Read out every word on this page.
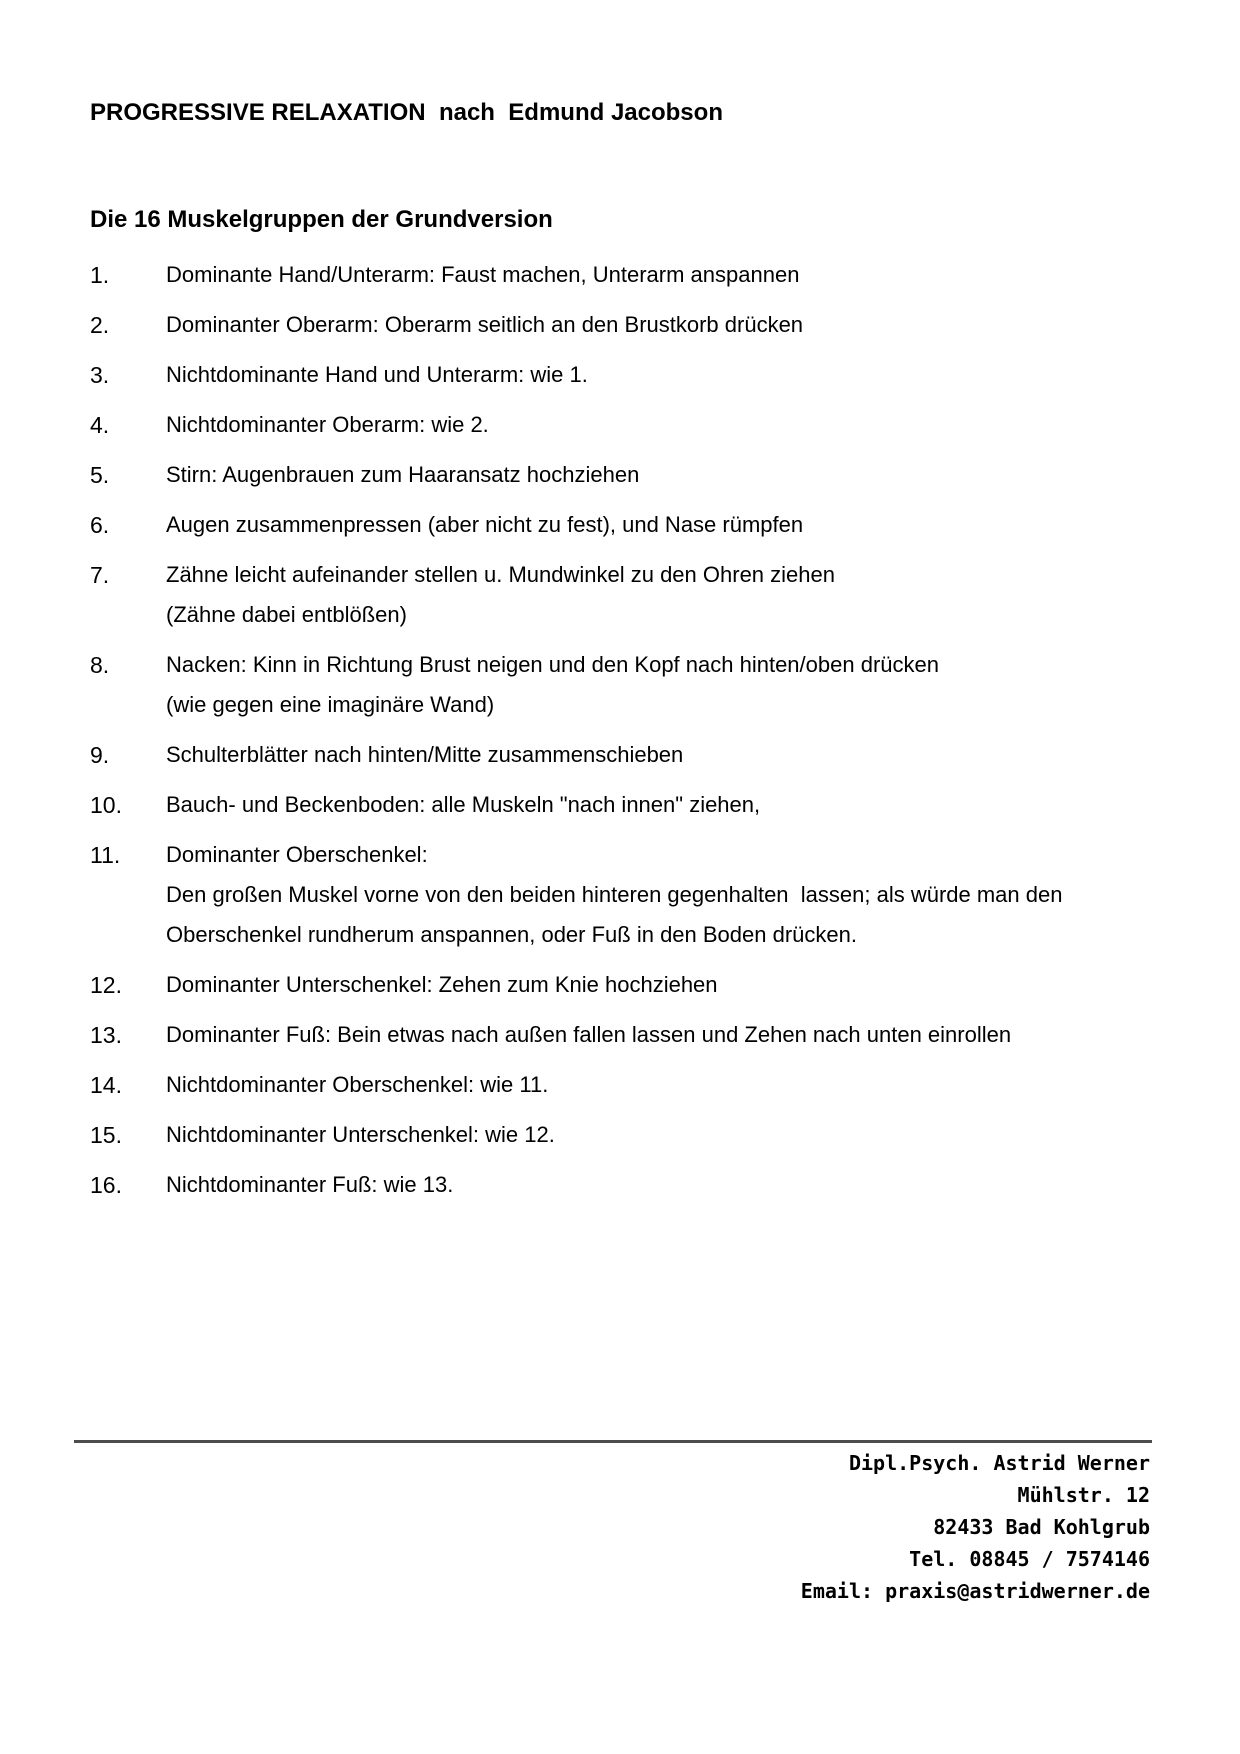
PROGRESSIVE RELAXATION  nach  Edmund Jacobson
Die 16 Muskelgruppen der Grundversion
1.	Dominante Hand/Unterarm: Faust machen, Unterarm anspannen
2.	Dominanter Oberarm: Oberarm seitlich an den Brustkorb drücken
3.	Nichtdominante Hand und Unterarm: wie 1.
4.	Nichtdominanter Oberarm: wie 2.
5.	Stirn: Augenbrauen zum Haaransatz hochziehen
6.	Augen zusammenpressen (aber nicht zu fest), und Nase rümpfen
7.	Zähne leicht aufeinander stellen u. Mundwinkel zu den Ohren ziehen
(Zähne dabei entblößen)
8.	Nacken: Kinn in Richtung Brust neigen und den Kopf nach hinten/oben drücken
(wie gegen eine imaginäre Wand)
9.	Schulterblätter nach hinten/Mitte zusammenschieben
10.	Bauch- und Beckenboden: alle Muskeln "nach innen" ziehen,
11.	Dominanter Oberschenkel:
Den großen Muskel vorne von den beiden hinteren gegenhalten  lassen; als würde man den
Oberschenkel rundherum anspannen, oder Fuß in den Boden drücken.
12.	Dominanter Unterschenkel: Zehen zum Knie hochziehen
13.	Dominanter Fuß: Bein etwas nach außen fallen lassen und Zehen nach unten einrollen
14.	Nichtdominanter Oberschenkel: wie 11.
15.	Nichtdominanter Unterschenkel: wie 12.
16.	Nichtdominanter Fuß: wie 13.
Dipl.Psych. Astrid Werner
Mühlstr. 12
82433 Bad Kohlgrub
Tel. 08845 / 7574146
Email: praxis@astridwerner.de
